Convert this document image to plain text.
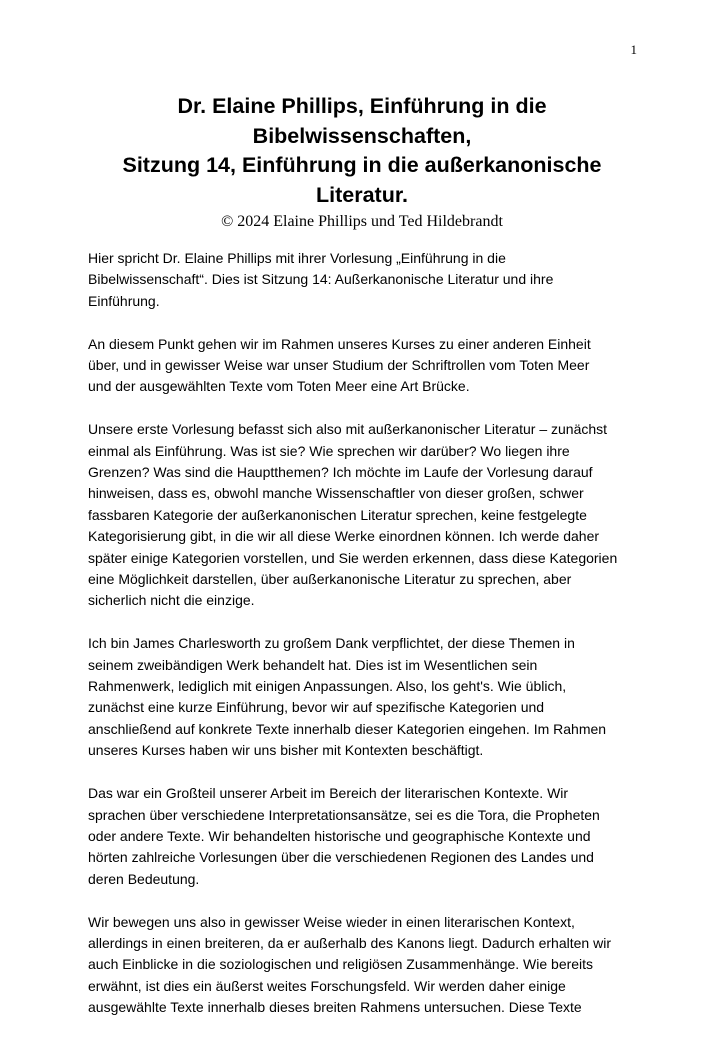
1
Dr. Elaine Phillips, Einführung in die
Bibelwissenschaften,
Sitzung 14, Einführung in die außerkanonische
Literatur.
© 2024 Elaine Phillips und Ted Hildebrandt

Hier spricht Dr. Elaine Phillips mit ihrer Vorlesung „Einführung in die
Bibelwissenschaft“. Dies ist Sitzung 14: Außerkanonische Literatur und ihre
Einführung.

An diesem Punkt gehen wir im Rahmen unseres Kurses zu einer anderen Einheit
über, und in gewisser Weise war unser Studium der Schriftrollen vom Toten Meer
und der ausgewählten Texte vom Toten Meer eine Art Brücke.

Unsere erste Vorlesung befasst sich also mit außerkanonischer Literatur – zunächst
einmal als Einführung. Was ist sie? Wie sprechen wir darüber? Wo liegen ihre
Grenzen? Was sind die Hauptthemen? Ich möchte im Laufe der Vorlesung darauf
hinweisen, dass es, obwohl manche Wissenschaftler von dieser großen, schwer
fassbaren Kategorie der außerkanonischen Literatur sprechen, keine festgelegte
Kategorisierung gibt, in die wir all diese Werke einordnen können. Ich werde daher
später einige Kategorien vorstellen, und Sie werden erkennen, dass diese Kategorien
eine Möglichkeit darstellen, über außerkanonische Literatur zu sprechen, aber
sicherlich nicht die einzige.

Ich bin James Charlesworth zu großem Dank verpflichtet, der diese Themen in
seinem zweibändigen Werk behandelt hat. Dies ist im Wesentlichen sein
Rahmenwerk, lediglich mit einigen Anpassungen. Also, los geht's. Wie üblich,
zunächst eine kurze Einführung, bevor wir auf spezifische Kategorien und
anschließend auf konkrete Texte innerhalb dieser Kategorien eingehen. Im Rahmen
unseres Kurses haben wir uns bisher mit Kontexten beschäftigt.

Das war ein Großteil unserer Arbeit im Bereich der literarischen Kontexte. Wir
sprachen über verschiedene Interpretationsansätze, sei es die Tora, die Propheten
oder andere Texte. Wir behandelten historische und geographische Kontexte und
hörten zahlreiche Vorlesungen über die verschiedenen Regionen des Landes und
deren Bedeutung.

Wir bewegen uns also in gewisser Weise wieder in einen literarischen Kontext,
allerdings in einen breiteren, da er außerhalb des Kanons liegt. Dadurch erhalten wir
auch Einblicke in die soziologischen und religiösen Zusammenhänge. Wie bereits
erwähnt, ist dies ein äußerst weites Forschungsfeld. Wir werden daher einige
ausgewählte Texte innerhalb dieses breiten Rahmens untersuchen. Diese Texte
